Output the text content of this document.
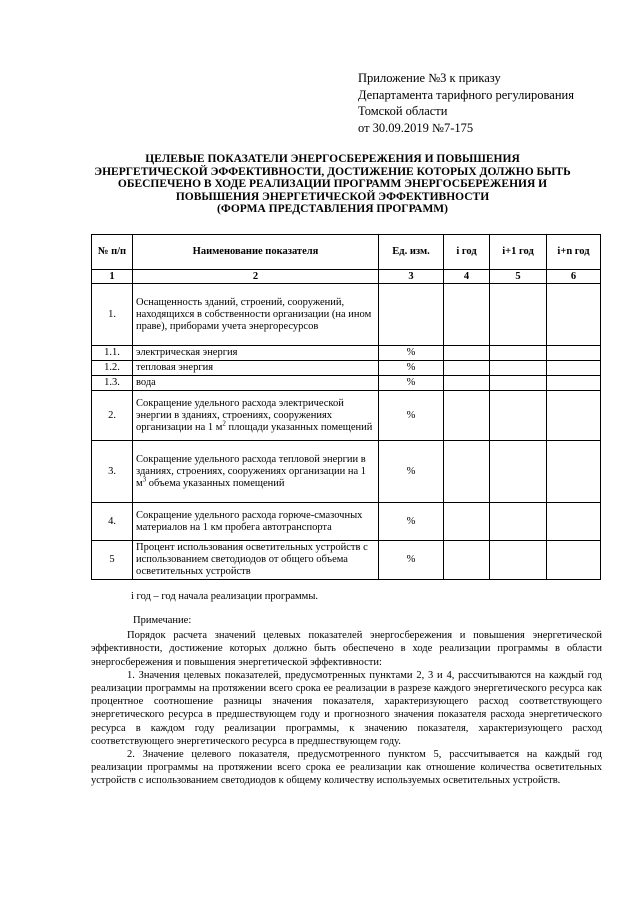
Приложение №3 к приказу
Департамента тарифного регулирования
Томской области
от 30.09.2019 №7-175
ЦЕЛЕВЫЕ ПОКАЗАТЕЛИ ЭНЕРГОСБЕРЕЖЕНИЯ И ПОВЫШЕНИЯ
ЭНЕРГЕТИЧЕСКОЙ ЭФФЕКТИВНОСТИ, ДОСТИЖЕНИЕ КОТОРЫХ ДОЛЖНО БЫТЬ
ОБЕСПЕЧЕНО В ХОДЕ РЕАЛИЗАЦИИ ПРОГРАММ ЭНЕРГОСБЕРЕЖЕНИЯ И
ПОВЫШЕНИЯ ЭНЕРГЕТИЧЕСКОЙ ЭФФЕКТИВНОСТИ
(ФОРМА ПРЕДСТАВЛЕНИЯ ПРОГРАММ)
№ п/п	Наименование показателя	Ед. изм.	i год	i+1 год	i+n год
1	2	3	4	5	6
1.	Оснащенность зданий, строений, сооружений, находящихся в собственности организации (на ином праве), приборами учета энергоресурсов				
1.1.	электрическая энергия	%			
1.2.	тепловая энергия	%			
1.3.	вода	%			
2.	Сокращение удельного расхода электрической энергии в зданиях, строениях, сооружениях организации на 1 $м^2$ площади указанных помещений	%			
3.	Сокращение удельного расхода тепловой энергии в зданиях, строениях, сооружениях организации на 1 $м^3$ объема указанных помещений	%			
4.	Сокращение удельного расхода горюче-смазочных материалов на 1 км пробега автотранспорта	%			
5	Процент использования осветительных устройств с использованием светодиодов от общего объема осветительных устройств	%			
i год – год начала реализации программы.

Примечание:

Порядок расчета значений целевых показателей энергосбережения и повышения энергетической эффективности, достижение которых должно быть обеспечено в ходе реализации программы в области энергосбережения и повышения энергетической эффективности:

1. Значения целевых показателей, предусмотренных пунктами 2, 3 и 4, рассчитываются на каждый год реализации программы на протяжении всего срока ее реализации в разрезе каждого энергетического ресурса как процентное соотношение разницы значения показателя, характеризующего расход соответствующего энергетического ресурса в предшествующем году и прогнозного значения показателя расхода энергетического ресурса в каждом году реализации программы, к значению показателя, характеризующего расход соответствующего энергетического ресурса в предшествующем году.

2. Значение целевого показателя, предусмотренного пунктом 5, рассчитывается на каждый год реализации программы на протяжении всего срока ее реализации как отношение количества осветительных устройств с использованием светодиодов к общему количеству используемых осветительных устройств.
